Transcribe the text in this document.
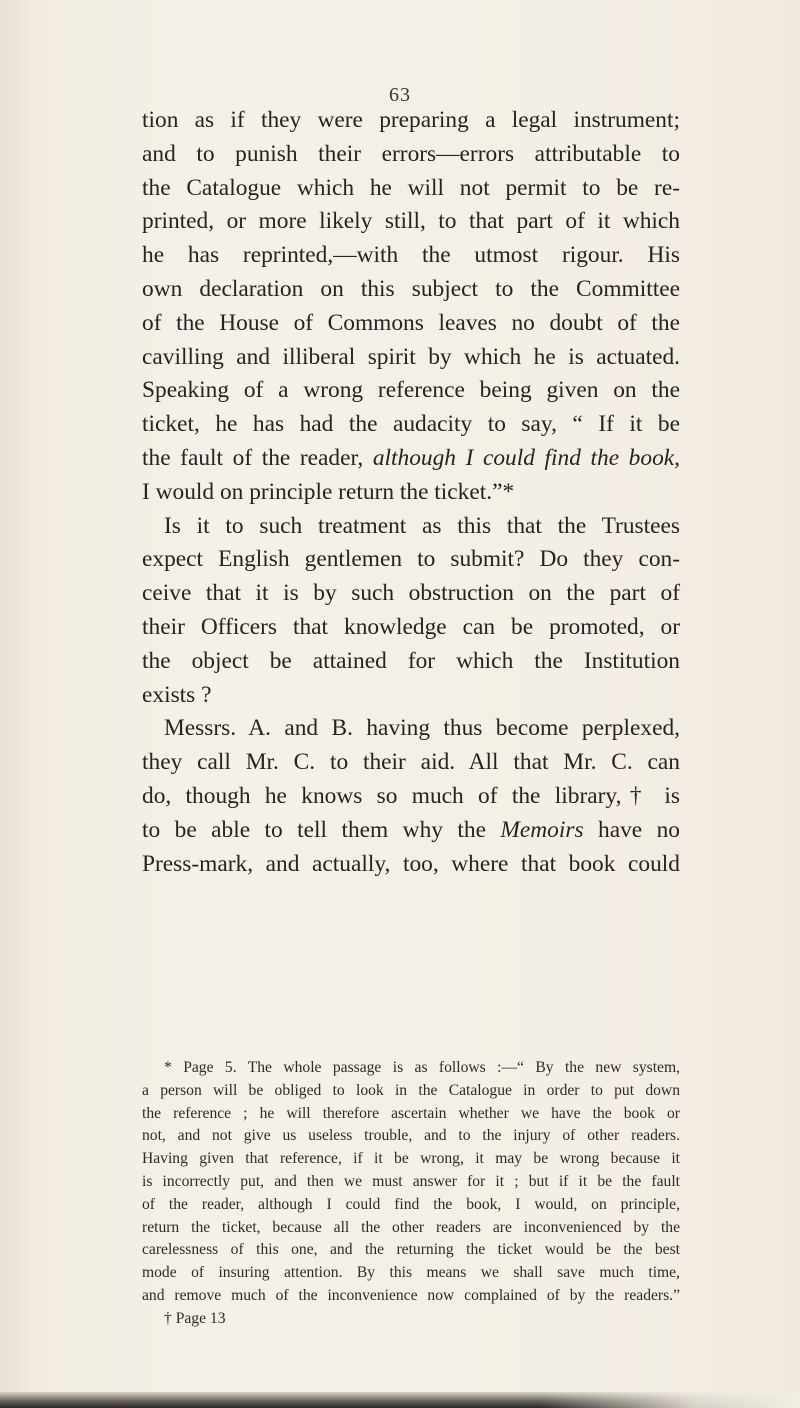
63

tion as if they were preparing a legal instrument;
and to punish their errors—errors attributable to
the Catalogue which he will not permit to be re-
printed, or more likely still, to that part of it which
he has reprinted,—with the utmost rigour. His
own declaration on this subject to the Committee
of the House of Commons leaves no doubt of the
cavilling and illiberal spirit by which he is actuated.
Speaking of a wrong reference being given on the
ticket, he has had the audacity to say, “ If it be
the fault of the reader, although I could find the book,
I would on principle return the ticket.”*

Is it to such treatment as this that the Trustees
expect English gentlemen to submit? Do they con-
ceive that it is by such obstruction on the part of
their Officers that knowledge can be promoted, or
the object be attained for which the Institution
exists ?

Messrs. A. and B. having thus become perplexed,
they call Mr. C. to their aid. All that Mr. C. can
do, though he knows so much of the library,† is
to be able to tell them why the Memoirs have no
Press-mark, and actually, too, where that book could

* Page 5. The whole passage is as follows :—“ By the new system,
a person will be obliged to look in the Catalogue in order to put down
the reference ; he will therefore ascertain whether we have the book or
not, and not give us useless trouble, and to the injury of other readers.
Having given that reference, if it be wrong, it may be wrong because it
is incorrectly put, and then we must answer for it ; but if it be the fault
of the reader, although I could find the book, I would, on principle,
return the ticket, because all the other readers are inconvenienced by the
carelessness of this one, and the returning the ticket would be the best
mode of insuring attention. By this means we shall save much time,
and remove much of the inconvenience now complained of by the readers.”
† Page 13
